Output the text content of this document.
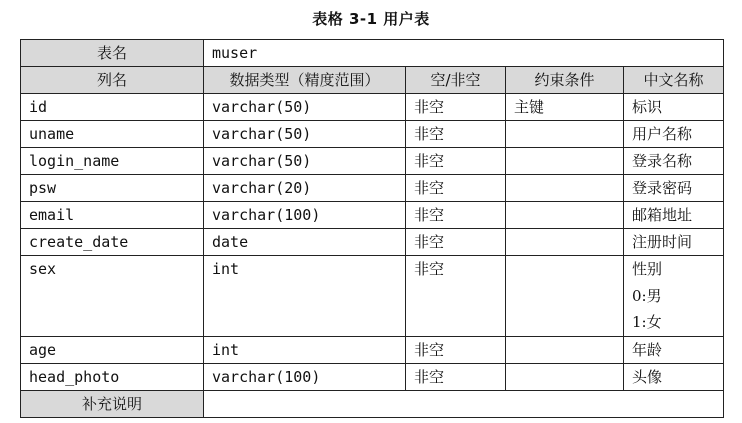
表格 3-1 用户表
表名	muser			
列名	数据类型（精度范围）	空/非空	约束条件	中文名称
id	varchar(50)	非空	主键	标识

uname	varchar(50)	非空		用户名称

login_name	varchar(50)	非空		登录名称

psw	varchar(20)	非空		登录密码

email	varchar(100)	非空		邮箱地址

create_date	date	非空		注册时间

sex	int	非空		性别
0:男
1:女

age	int	非空		年龄

head_photo	varchar(100)	非空		头像

补充说明				
